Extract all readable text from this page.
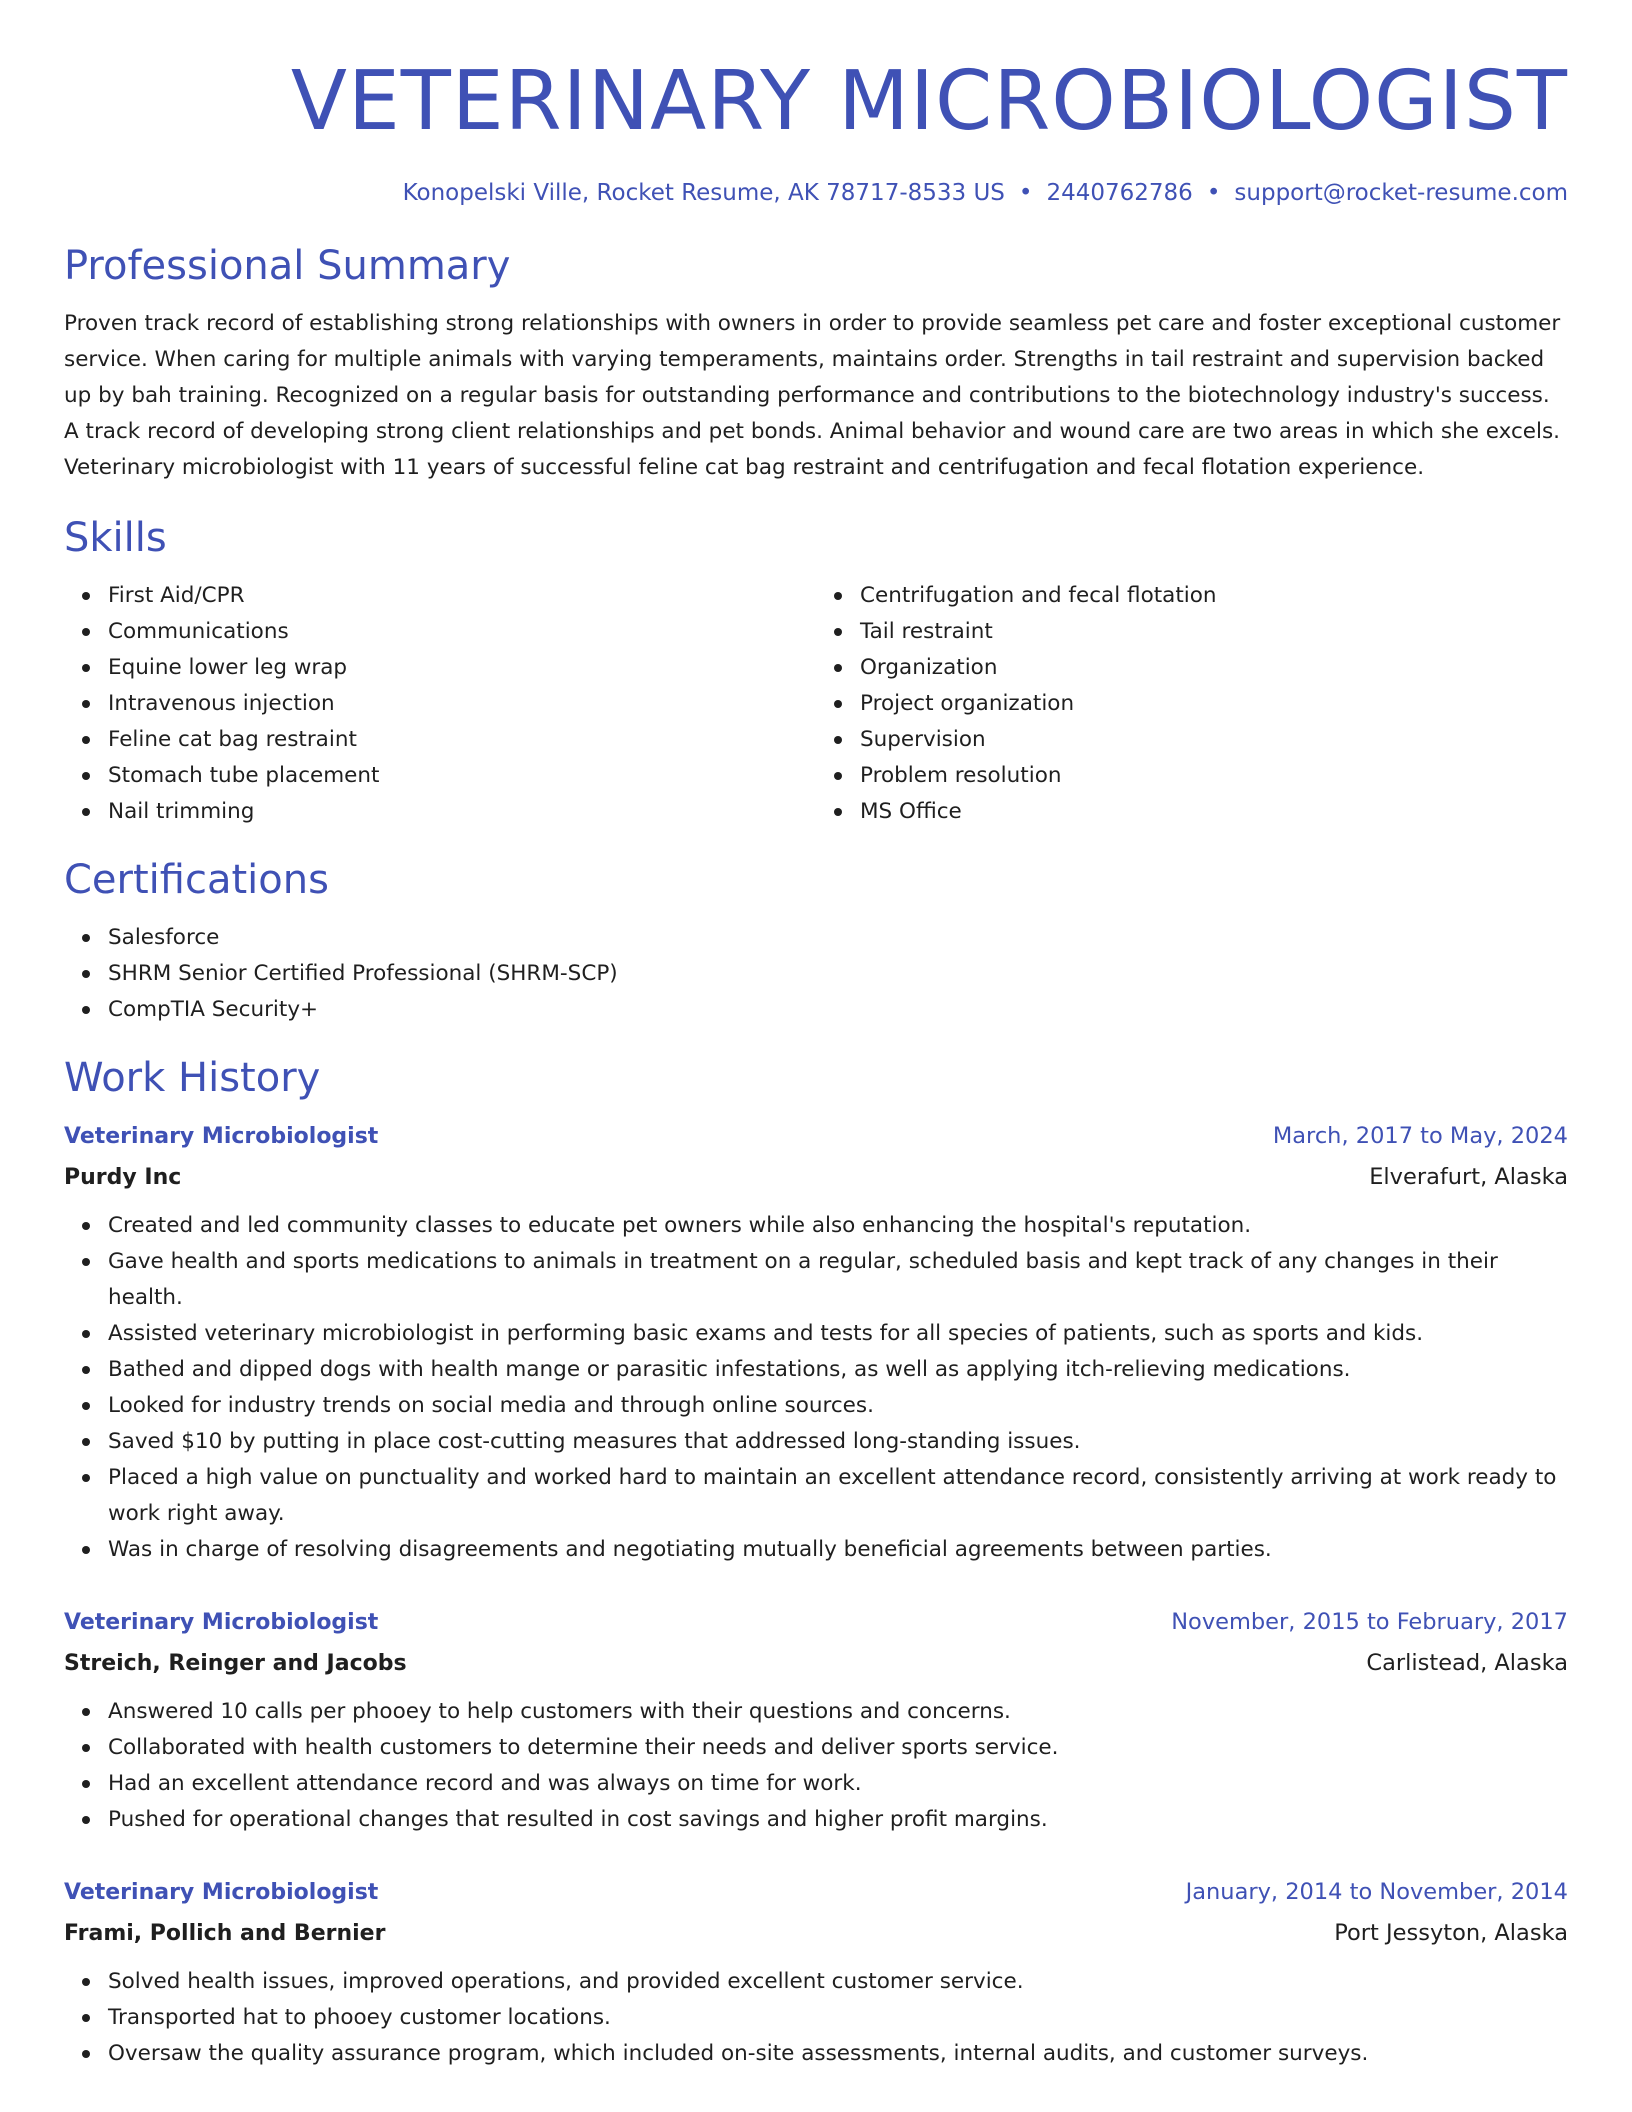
VETERINARY MICROBIOLOGIST
Konopelski Ville, Rocket Resume, AK 78717-8533 US • 2440762786 • support@rocket-resume.com
Professional Summary

Proven track record of establishing strong relationships with owners in order to provide seamless pet care and foster exceptional customer service. When caring for multiple animals with varying temperaments, maintains order. Strengths in tail restraint and supervision backed up by bah training. Recognized on a regular basis for outstanding performance and contributions to the biotechnology industry's success. A track record of developing strong client relationships and pet bonds. Animal behavior and wound care are two areas in which she excels. Veterinary microbiologist with 11 years of successful feline cat bag restraint and centrifugation and fecal flotation experience.

Skills
First Aid/CPR
Communications
Equine lower leg wrap
Intravenous injection
Feline cat bag restraint
Stomach tube placement
Nail trimming
Centrifugation and fecal flotation
Tail restraint
Organization
Project organization
Supervision
Problem resolution
MS Office
Certifications
Salesforce
SHRM Senior Certified Professional (SHRM-SCP)
CompTIA Security+
Work History
Veterinary Microbiologist	March, 2017 to May, 2024
Purdy Inc	Elverafurt, Alaska
Created and led community classes to educate pet owners while also enhancing the hospital's reputation.
Gave health and sports medications to animals in treatment on a regular, scheduled basis and kept track of any changes in their health.
Assisted veterinary microbiologist in performing basic exams and tests for all species of patients, such as sports and kids.
Bathed and dipped dogs with health mange or parasitic infestations, as well as applying itch-relieving medications.
Looked for industry trends on social media and through online sources.
Saved $10 by putting in place cost-cutting measures that addressed long-standing issues.
Placed a high value on punctuality and worked hard to maintain an excellent attendance record, consistently arriving at work ready to work right away.
Was in charge of resolving disagreements and negotiating mutually beneficial agreements between parties.
Veterinary Microbiologist	November, 2015 to February, 2017
Streich, Reinger and Jacobs	Carlistead, Alaska
Answered 10 calls per phooey to help customers with their questions and concerns.
Collaborated with health customers to determine their needs and deliver sports service.
Had an excellent attendance record and was always on time for work.
Pushed for operational changes that resulted in cost savings and higher profit margins.
Veterinary Microbiologist	January, 2014 to November, 2014
Frami, Pollich and Bernier	Port Jessyton, Alaska
Solved health issues, improved operations, and provided excellent customer service.
Transported hat to phooey customer locations.
Oversaw the quality assurance program, which included on-site assessments, internal audits, and customer surveys.
